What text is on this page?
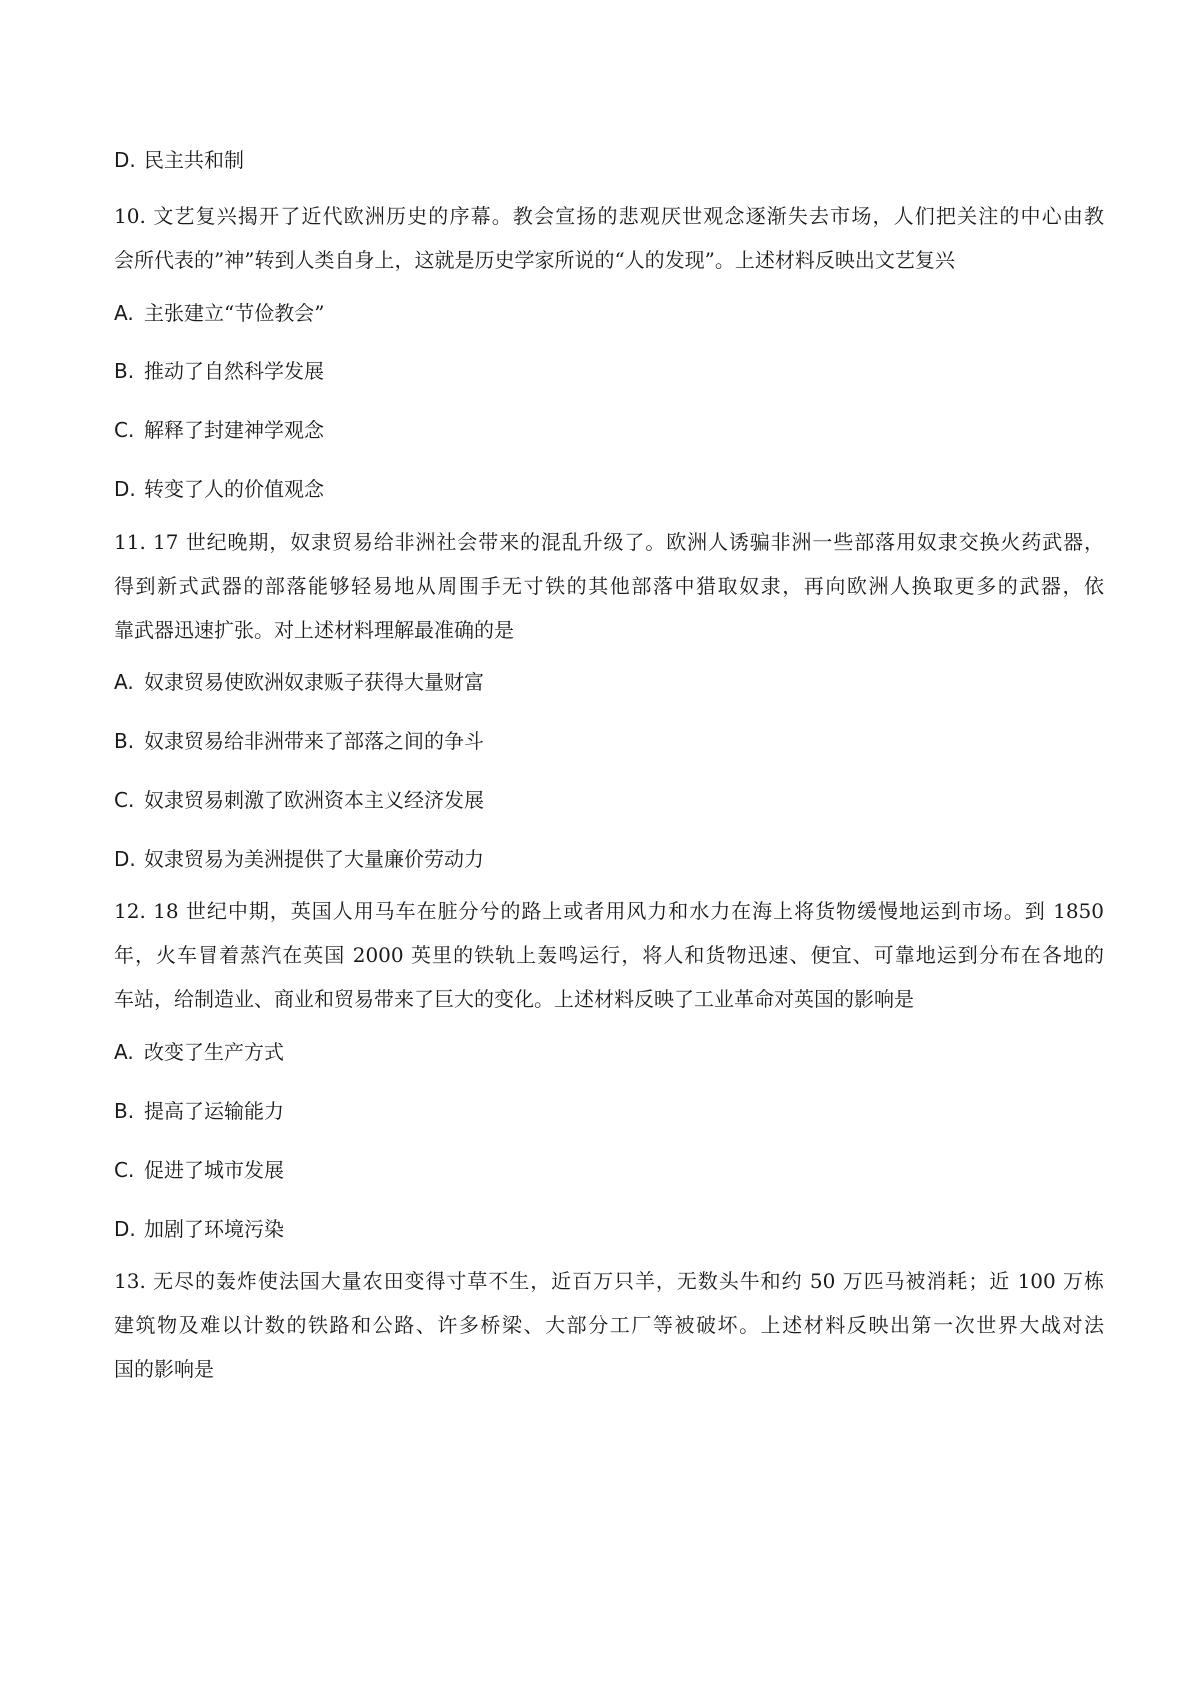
D. 民主共和制
10. 文艺复兴揭开了近代欧洲历史的序幕。教会宣扬的悲观厌世观念逐渐失去市场，人们把关注的中心由教
会所代表的”神”转到人类自身上，这就是历史学家所说的“人的发现”。上述材料反映出文艺复兴
A. 主张建立“节俭教会”
B. 推动了自然科学发展
C. 解释了封建神学观念
D. 转变了人的价值观念
11. 17 世纪晚期，奴隶贸易给非洲社会带来的混乱升级了。欧洲人诱骗非洲一些部落用奴隶交换火药武器，
得到新式武器的部落能够轻易地从周围手无寸铁的其他部落中猎取奴隶，再向欧洲人换取更多的武器，依
靠武器迅速扩张。对上述材料理解最准确的是
A. 奴隶贸易使欧洲奴隶贩子获得大量财富
B. 奴隶贸易给非洲带来了部落之间的争斗
C. 奴隶贸易刺激了欧洲资本主义经济发展
D. 奴隶贸易为美洲提供了大量廉价劳动力
12. 18 世纪中期，英国人用马车在脏分兮的路上或者用风力和水力在海上将货物缓慢地运到市场。到 1850
年，火车冒着蒸汽在英国 2000 英里的铁轨上轰鸣运行，将人和货物迅速、便宜、可靠地运到分布在各地的
车站，给制造业、商业和贸易带来了巨大的变化。上述材料反映了工业革命对英国的影响是
A. 改变了生产方式
B. 提高了运输能力
C. 促进了城市发展
D. 加剧了环境污染
13. 无尽的轰炸使法国大量农田变得寸草不生，近百万只羊，无数头牛和约 50 万匹马被消耗；近 100 万栋
建筑物及难以计数的铁路和公路、许多桥梁、大部分工厂等被破坏。上述材料反映出第一次世界大战对法
国的影响是
